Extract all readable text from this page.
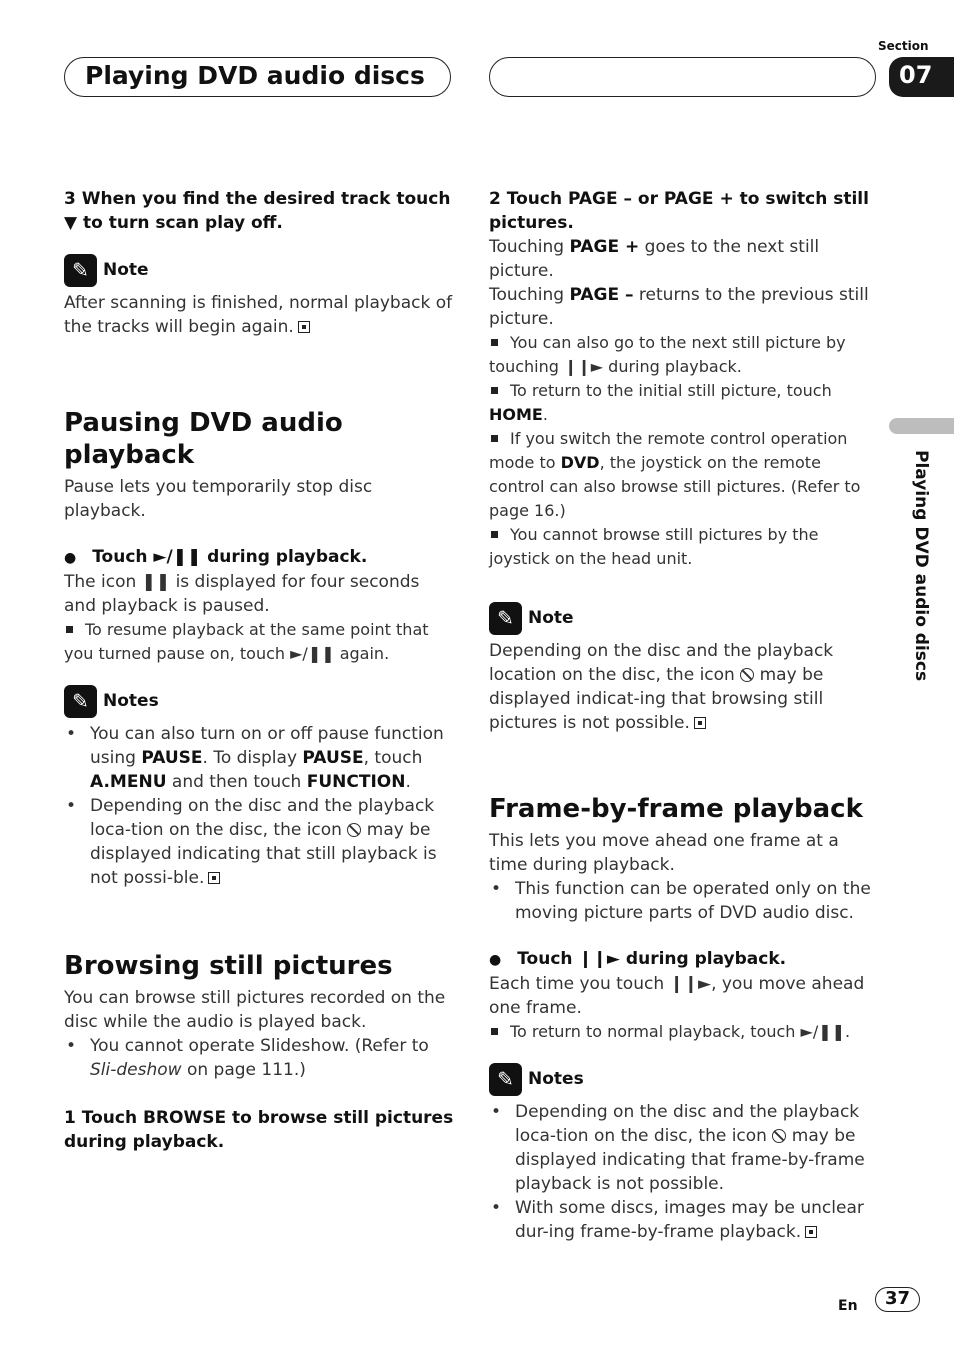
Playing DVD audio discs
Section
07
Playing DVD audio discs

3 When you find the desired track touch ▼ to turn scan play off.

✎ Note

After scanning is finished, normal playback of the tracks will begin again.

Pausing DVD audio playback

Pause lets you temporarily stop disc playback.

● Touch ►/❚❚ during playback.

The icon ❚❚ is displayed for four seconds and playback is paused.

To resume playback at the same point that you turned pause on, touch ►/❚❚ again.

✎ Notes

• You can also turn on or off pause function using PAUSE. To display PAUSE, touch A.MENU and then touch FUNCTION.

• Depending on the disc and the playback loca-tion on the disc, the icon  may be displayed indicating that still playback is not possi-ble.

Browsing still pictures

You can browse still pictures recorded on the disc while the audio is played back.

• You cannot operate Slideshow. (Refer to Sli-deshow on page 111.)

1 Touch BROWSE to browse still pictures during playback.

2 Touch PAGE – or PAGE + to switch still pictures.

Touching PAGE + goes to the next still picture.

Touching PAGE – returns to the previous still picture.

You can also go to the next still picture by touching ❙❙► during playback.

To return to the initial still picture, touch HOME.

If you switch the remote control operation mode to DVD, the joystick on the remote control can also browse still pictures. (Refer to page 16.)

You cannot browse still pictures by the joystick on the head unit.

✎ Note

Depending on the disc and the playback location on the disc, the icon  may be displayed indicat-ing that browsing still pictures is not possible.

Frame-by-frame playback

This lets you move ahead one frame at a time during playback.

• This function can be operated only on the moving picture parts of DVD audio disc.

● Touch ❙❙► during playback.

Each time you touch ❙❙►, you move ahead one frame.

To return to normal playback, touch ►/❚❚.

✎ Notes

• Depending on the disc and the playback loca-tion on the disc, the icon  may be displayed indicating that frame-by-frame playback is not possible.

• With some discs, images may be unclear dur-ing frame-by-frame playback.

En	37
